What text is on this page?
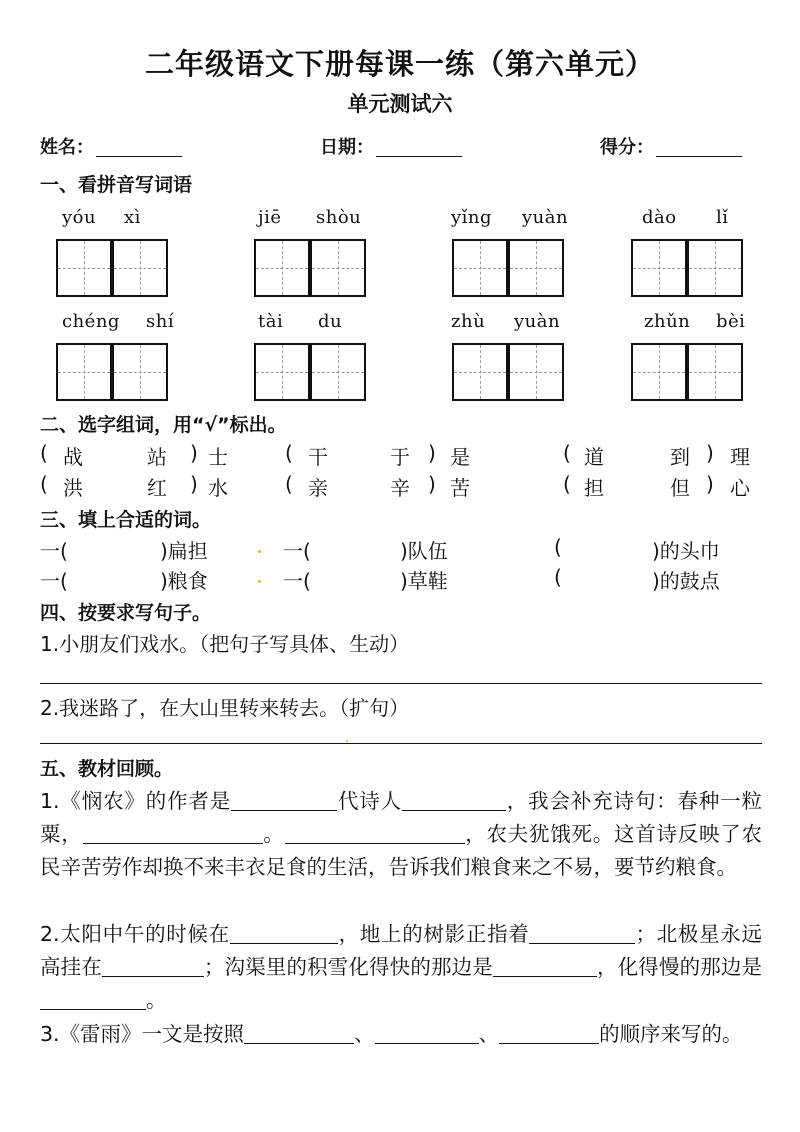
二年级语文下册每课一练（第六单元）
单元测试六
姓名：	日期：	得分：
一、看拼音写词语
yóu xì	jiē shòu	yǐng yuàn	dào lǐ
chéng shí	tài du	zhù yuàn	zhǔn bèi
二、选字组词，用“√”标出。
( 战	站 ) 士	( 干	于 ) 是	( 道	到 ) 理
( 洪	红 ) 水	( 亲	辛 ) 苦	( 担	但 ) 心
三、填上合适的词。
一(	)扁担	一(	)队伍	(	)的头巾
一(	)粮食	一(	)草鞋	(	)的鼓点
四、按要求写句子。
1.小朋友们戏水。（把句子写具体、生动）
2.我迷路了，在大山里转来转去。（扩句）
五、教材回顾。
1.《悯农》的作者是	代诗人	，我会补充诗句：春种一粒粟，	。	，农夫犹饿死。这首诗反映了农民辛苦劳作却换不来丰衣足食的生活，告诉我们粮食来之不易，要节约粮食。
2.太阳中午的时候在	，地上的树影正指着	；北极星永远高挂在	；沟渠里的积雪化得快的那边是	，化得慢的那边是。
3.《雷雨》一文是按照	、	、	的顺序来写的。
